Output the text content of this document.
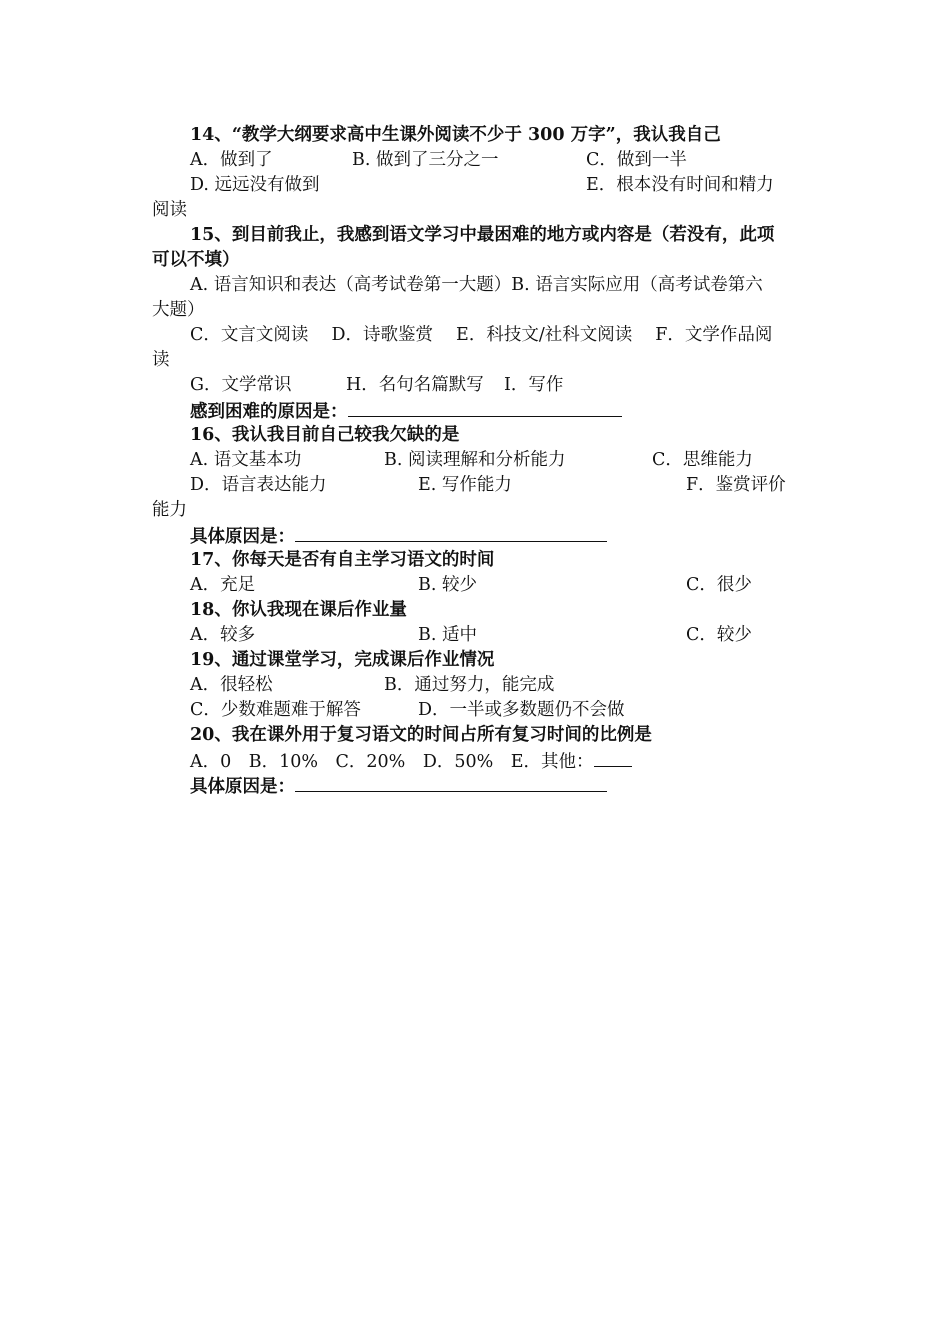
14、“教学大纲要求高中生课外阅读不少于 300 万字”，我认我自己
A．做到了	B. 做到了三分之一	C．做到一半
D. 远远没有做到	E．根本没有时间和精力
阅读
15、到目前我止，我感到语文学习中最困难的地方或内容是（若没有，此项
可以不填）
A. 语言知识和表达（高考试卷第一大题）B. 语言实际应用（高考试卷第六
大题）
C．文言文阅读　 D．诗歌鉴赏　 E．科技文/社科文阅读　 F．文学作品阅
读
G．文学常识	H．名句名篇默写 I．写作
感到困难的原因是：
16、我认我目前自己较我欠缺的是
A. 语文基本功	B. 阅读理解和分析能力	C．思维能力
D．语言表达能力	E. 写作能力	F．鉴赏评价
能力
具体原因是：
17、你每天是否有自主学习语文的时间
A．充足	B. 较少	C．很少
18、你认我现在课后作业量
A．较多	B. 适中	C．较少
19、通过课堂学习，完成课后作业情况
A．很轻松	B．通过努力，能完成
C．少数难题难于解答	D．一半或多数题仍不会做
20、我在课外用于复习语文的时间占所有复习时间的比例是
A．0　B．10%　C．20%　D．50%　E．其他：
具体原因是：
